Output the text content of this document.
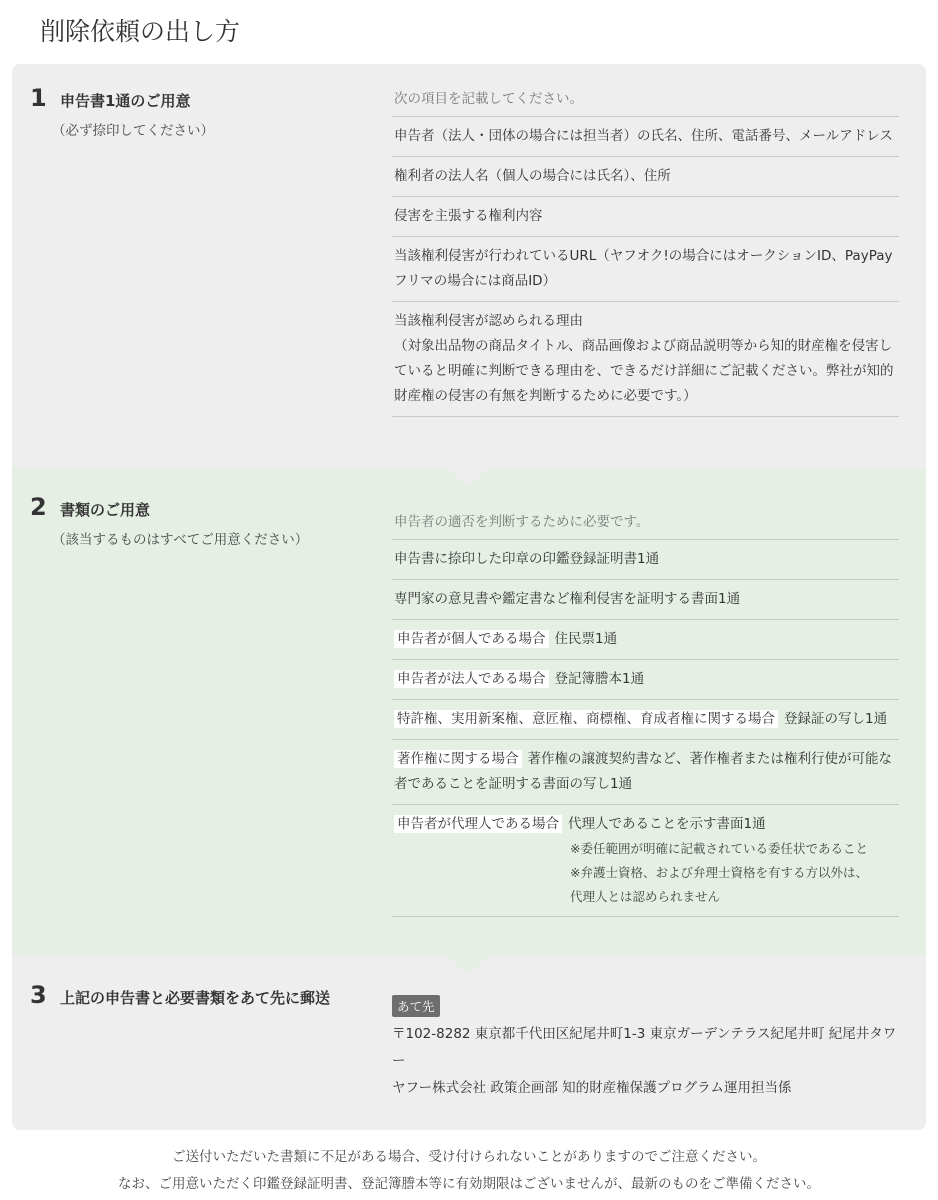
削除依頼の出し方
1 申告書1通のご用意
（必ず捺印してください）
次の項目を記載してください。
申告者（法人・団体の場合には担当者）の氏名、住所、電話番号、メールアドレス
権利者の法人名（個人の場合には氏名）、住所
侵害を主張する権利内容
当該権利侵害が行われているURL（ヤフオク!の場合にはオークションID、PayPayフリマの場合には商品ID）
当該権利侵害が認められる理由
（対象出品物の商品タイトル、商品画像および商品説明等から知的財産権を侵害していると明確に判断できる理由を、できるだけ詳細にご記載ください。弊社が知的財産権の侵害の有無を判断するために必要です。）
2 書類のご用意
（該当するものはすべてご用意ください）
申告者の適否を判断するために必要です。
申告書に捺印した印章の印鑑登録証明書1通
専門家の意見書や鑑定書など権利侵害を証明する書面1通
申告者が個人である場合 住民票1通
申告者が法人である場合 登記簿謄本1通
特許権、実用新案権、意匠権、商標権、育成者権に関する場合 登録証の写し1通
著作権に関する場合 著作権の譲渡契約書など、著作権者または権利行使が可能な者であることを証明する書面の写し1通
申告者が代理人である場合 代理人であることを示す書面1通
※委任範囲が明確に記載されている委任状であること
※弁護士資格、および弁理士資格を有する方以外は、
代理人とは認められません
3 上記の申告書と必要書類をあて先に郵送	あて先
〒102-8282 東京都千代田区紀尾井町1-3 東京ガーデンテラス紀尾井町 紀尾井タワー
ヤフー株式会社 政策企画部 知的財産権保護プログラム運用担当係
ご送付いただいた書類に不足がある場合、受け付けられないことがありますのでご注意ください。
なお、ご用意いただく印鑑登録証明書、登記簿謄本等に有効期限はございませんが、最新のものをご準備ください。
